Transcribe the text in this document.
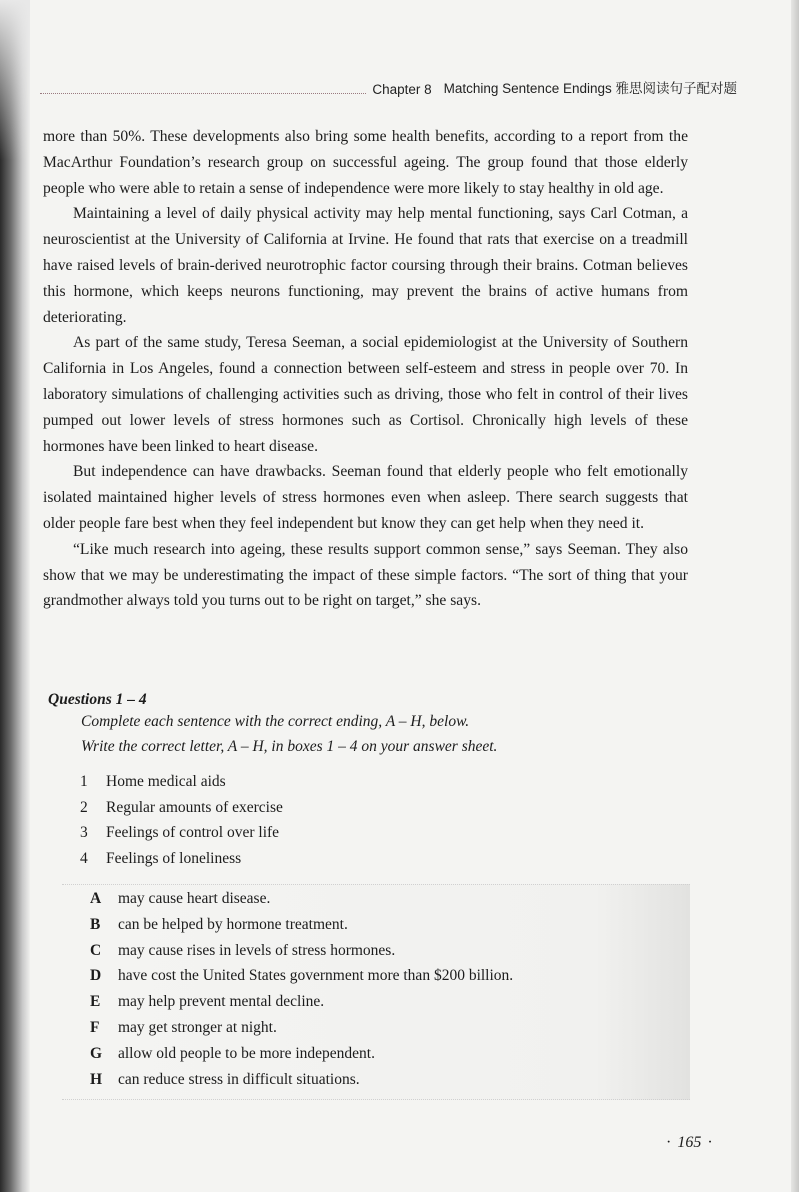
Chapter 8 Matching Sentence Endings 雅思阅读句子配对题

more than 50%. These developments also bring some health benefits, according to a report from the MacArthur Foundation’s research group on successful ageing. The group found that those elderly people who were able to retain a sense of independence were more likely to stay healthy in old age.

Maintaining a level of daily physical activity may help mental functioning, says Carl Cotman, a neuroscientist at the University of California at Irvine. He found that rats that exercise on a treadmill have raised levels of brain-derived neurotrophic factor coursing through their brains. Cotman believes this hormone, which keeps neurons functioning, may prevent the brains of active humans from deteriorating.

As part of the same study, Teresa Seeman, a social epidemiologist at the University of Southern California in Los Angeles, found a connection between self-esteem and stress in people over 70. In laboratory simulations of challenging activities such as driving, those who felt in control of their lives pumped out lower levels of stress hormones such as Cortisol. Chronically high levels of these hormones have been linked to heart disease.

But independence can have drawbacks. Seeman found that elderly people who felt emotionally isolated maintained higher levels of stress hormones even when asleep. There search suggests that older people fare best when they feel independent but know they can get help when they need it.

“Like much research into ageing, these results support common sense,” says Seeman. They also show that we may be underestimating the impact of these simple factors. “The sort of thing that your grandmother always told you turns out to be right on target,” she says.

Questions 1 – 4
Complete each sentence with the correct ending, A – H, below.
Write the correct letter, A – H, in boxes 1 – 4 on your answer sheet.
1	Home medical aids
2	Regular amounts of exercise
3	Feelings of control over life
4	Feelings of loneliness
A	may cause heart disease.
B	can be helped by hormone treatment.
C	may cause rises in levels of stress hormones.
D	have cost the United States government more than $200 billion.
E	may help prevent mental decline.
F	may get stronger at night.
G	allow old people to be more independent.
H	can reduce stress in difficult situations.
· 165 ·
